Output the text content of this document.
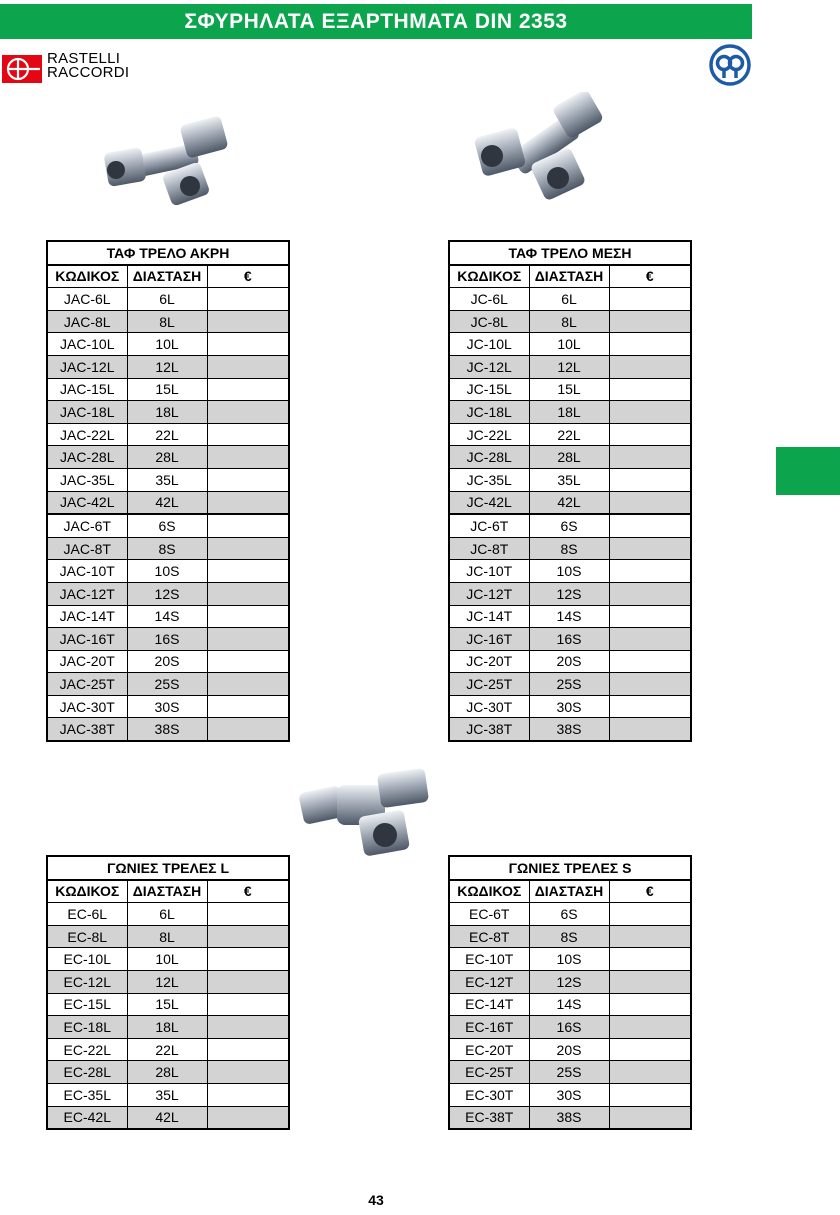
ΣΦΥΡΗΛΑΤΑ ΕΞΑΡΤΗΜΑΤΑ DIN 2353
RASTELLI
RACCORDI
ΤΑΦ ΤΡΕΛΟ ΑΚΡΗ		
ΚΩΔΙΚΟΣ	ΔΙΑΣΤΑΣΗ	€
JAC-6L	6L	
JAC-8L	8L	
JAC-10L	10L	
JAC-12L	12L	
JAC-15L	15L	
JAC-18L	18L	
JAC-22L	22L	
JAC-28L	28L	
JAC-35L	35L	
JAC-42L	42L	
JAC-6T	6S	
JAC-8T	8S	
JAC-10T	10S	
JAC-12T	12S	
JAC-14T	14S	
JAC-16T	16S	
JAC-20T	20S	
JAC-25T	25S	
JAC-30T	30S	
JAC-38T	38S	
ΤΑΦ ΤΡΕΛΟ ΜΕΣΗ		
ΚΩΔΙΚΟΣ	ΔΙΑΣΤΑΣΗ	€
JC-6L	6L	
JC-8L	8L	
JC-10L	10L	
JC-12L	12L	
JC-15L	15L	
JC-18L	18L	
JC-22L	22L	
JC-28L	28L	
JC-35L	35L	
JC-42L	42L	
JC-6T	6S	
JC-8T	8S	
JC-10T	10S	
JC-12T	12S	
JC-14T	14S	
JC-16T	16S	
JC-20T	20S	
JC-25T	25S	
JC-30T	30S	
JC-38T	38S	
ΓΩΝΙΕΣ ΤΡΕΛΕΣ L		
ΚΩΔΙΚΟΣ	ΔΙΑΣΤΑΣΗ	€
EC-6L	6L	
EC-8L	8L	
EC-10L	10L	
EC-12L	12L	
EC-15L	15L	
EC-18L	18L	
EC-22L	22L	
EC-28L	28L	
EC-35L	35L	
EC-42L	42L	
ΓΩΝΙΕΣ ΤΡΕΛΕΣ S		
ΚΩΔΙΚΟΣ	ΔΙΑΣΤΑΣΗ	€
EC-6T	6S	
EC-8T	8S	
EC-10T	10S	
EC-12T	12S	
EC-14T	14S	
EC-16T	16S	
EC-20T	20S	
EC-25T	25S	
EC-30T	30S	
EC-38T	38S	
43
